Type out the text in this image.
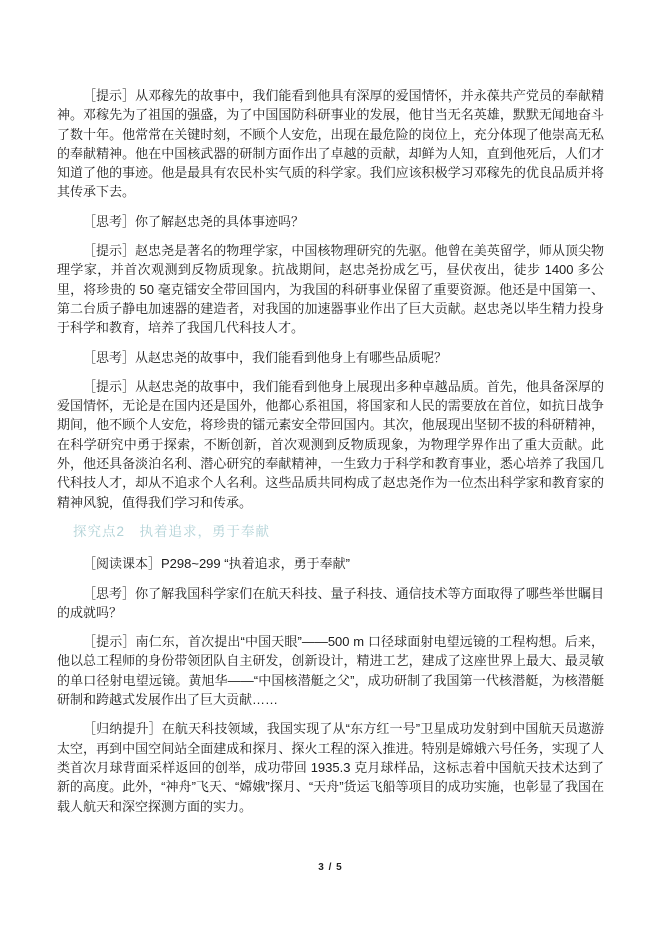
［提示］从邓稼先的故事中，我们能看到他具有深厚的爱国情怀，并永葆共产党员的奉献精神。邓稼先为了祖国的强盛，为了中国国防科研事业的发展，他甘当无名英雄，默默无闻地奋斗了数十年。他常常在关键时刻，不顾个人安危，出现在最危险的岗位上，充分体现了他崇高无私的奉献精神。他在中国核武器的研制方面作出了卓越的贡献，却鲜为人知，直到他死后，人们才知道了他的事迹。他是最具有农民朴实气质的科学家。我们应该积极学习邓稼先的优良品质并将其传承下去。

［思考］你了解赵忠尧的具体事迹吗？

［提示］赵忠尧是著名的物理学家，中国核物理研究的先驱。他曾在美英留学，师从顶尖物理学家，并首次观测到反物质现象。抗战期间，赵忠尧扮成乞丐，昼伏夜出，徒步 1400 多公里，将珍贵的 50 毫克镭安全带回国内，为我国的科研事业保留了重要资源。他还是中国第一、第二台质子静电加速器的建造者，对我国的加速器事业作出了巨大贡献。赵忠尧以毕生精力投身于科学和教育，培养了我国几代科技人才。

［思考］从赵忠尧的故事中，我们能看到他身上有哪些品质呢？

［提示］从赵忠尧的故事中，我们能看到他身上展现出多种卓越品质。首先，他具备深厚的爱国情怀，无论是在国内还是国外，他都心系祖国，将国家和人民的需要放在首位，如抗日战争期间，他不顾个人安危，将珍贵的镭元素安全带回国内。其次，他展现出坚韧不拔的科研精神，在科学研究中勇于探索，不断创新，首次观测到反物质现象，为物理学界作出了重大贡献。此外，他还具备淡泊名利、潜心研究的奉献精神，一生致力于科学和教育事业，悉心培养了我国几代科技人才，却从不追求个人名利。这些品质共同构成了赵忠尧作为一位杰出科学家和教育家的精神风貌，值得我们学习和传承。

探究点2　执着追求，勇于奉献

［阅读课本］P298~299 “执着追求，勇于奉献”

［思考］你了解我国科学家们在航天科技、量子科技、通信技术等方面取得了哪些举世瞩目的成就吗？

［提示］南仁东，首次提出“中国天眼”——500 m 口径球面射电望远镜的工程构想。后来，他以总工程师的身份带领团队自主研发，创新设计，精进工艺，建成了这座世界上最大、最灵敏的单口径射电望远镜。黄旭华——“中国核潜艇之父”，成功研制了我国第一代核潜艇，为核潜艇研制和跨越式发展作出了巨大贡献……

［归纳提升］在航天科技领域，我国实现了从“东方红一号”卫星成功发射到中国航天员遨游太空，再到中国空间站全面建成和探月、探火工程的深入推进。特别是嫦娥六号任务，实现了人类首次月球背面采样返回的创举，成功带回 1935.3 克月球样品，这标志着中国航天技术达到了新的高度。此外，“神舟”飞天、“嫦娥”探月、“天舟”货运飞船等项目的成功实施，也彰显了我国在载人航天和深空探测方面的实力。

3 / 5
